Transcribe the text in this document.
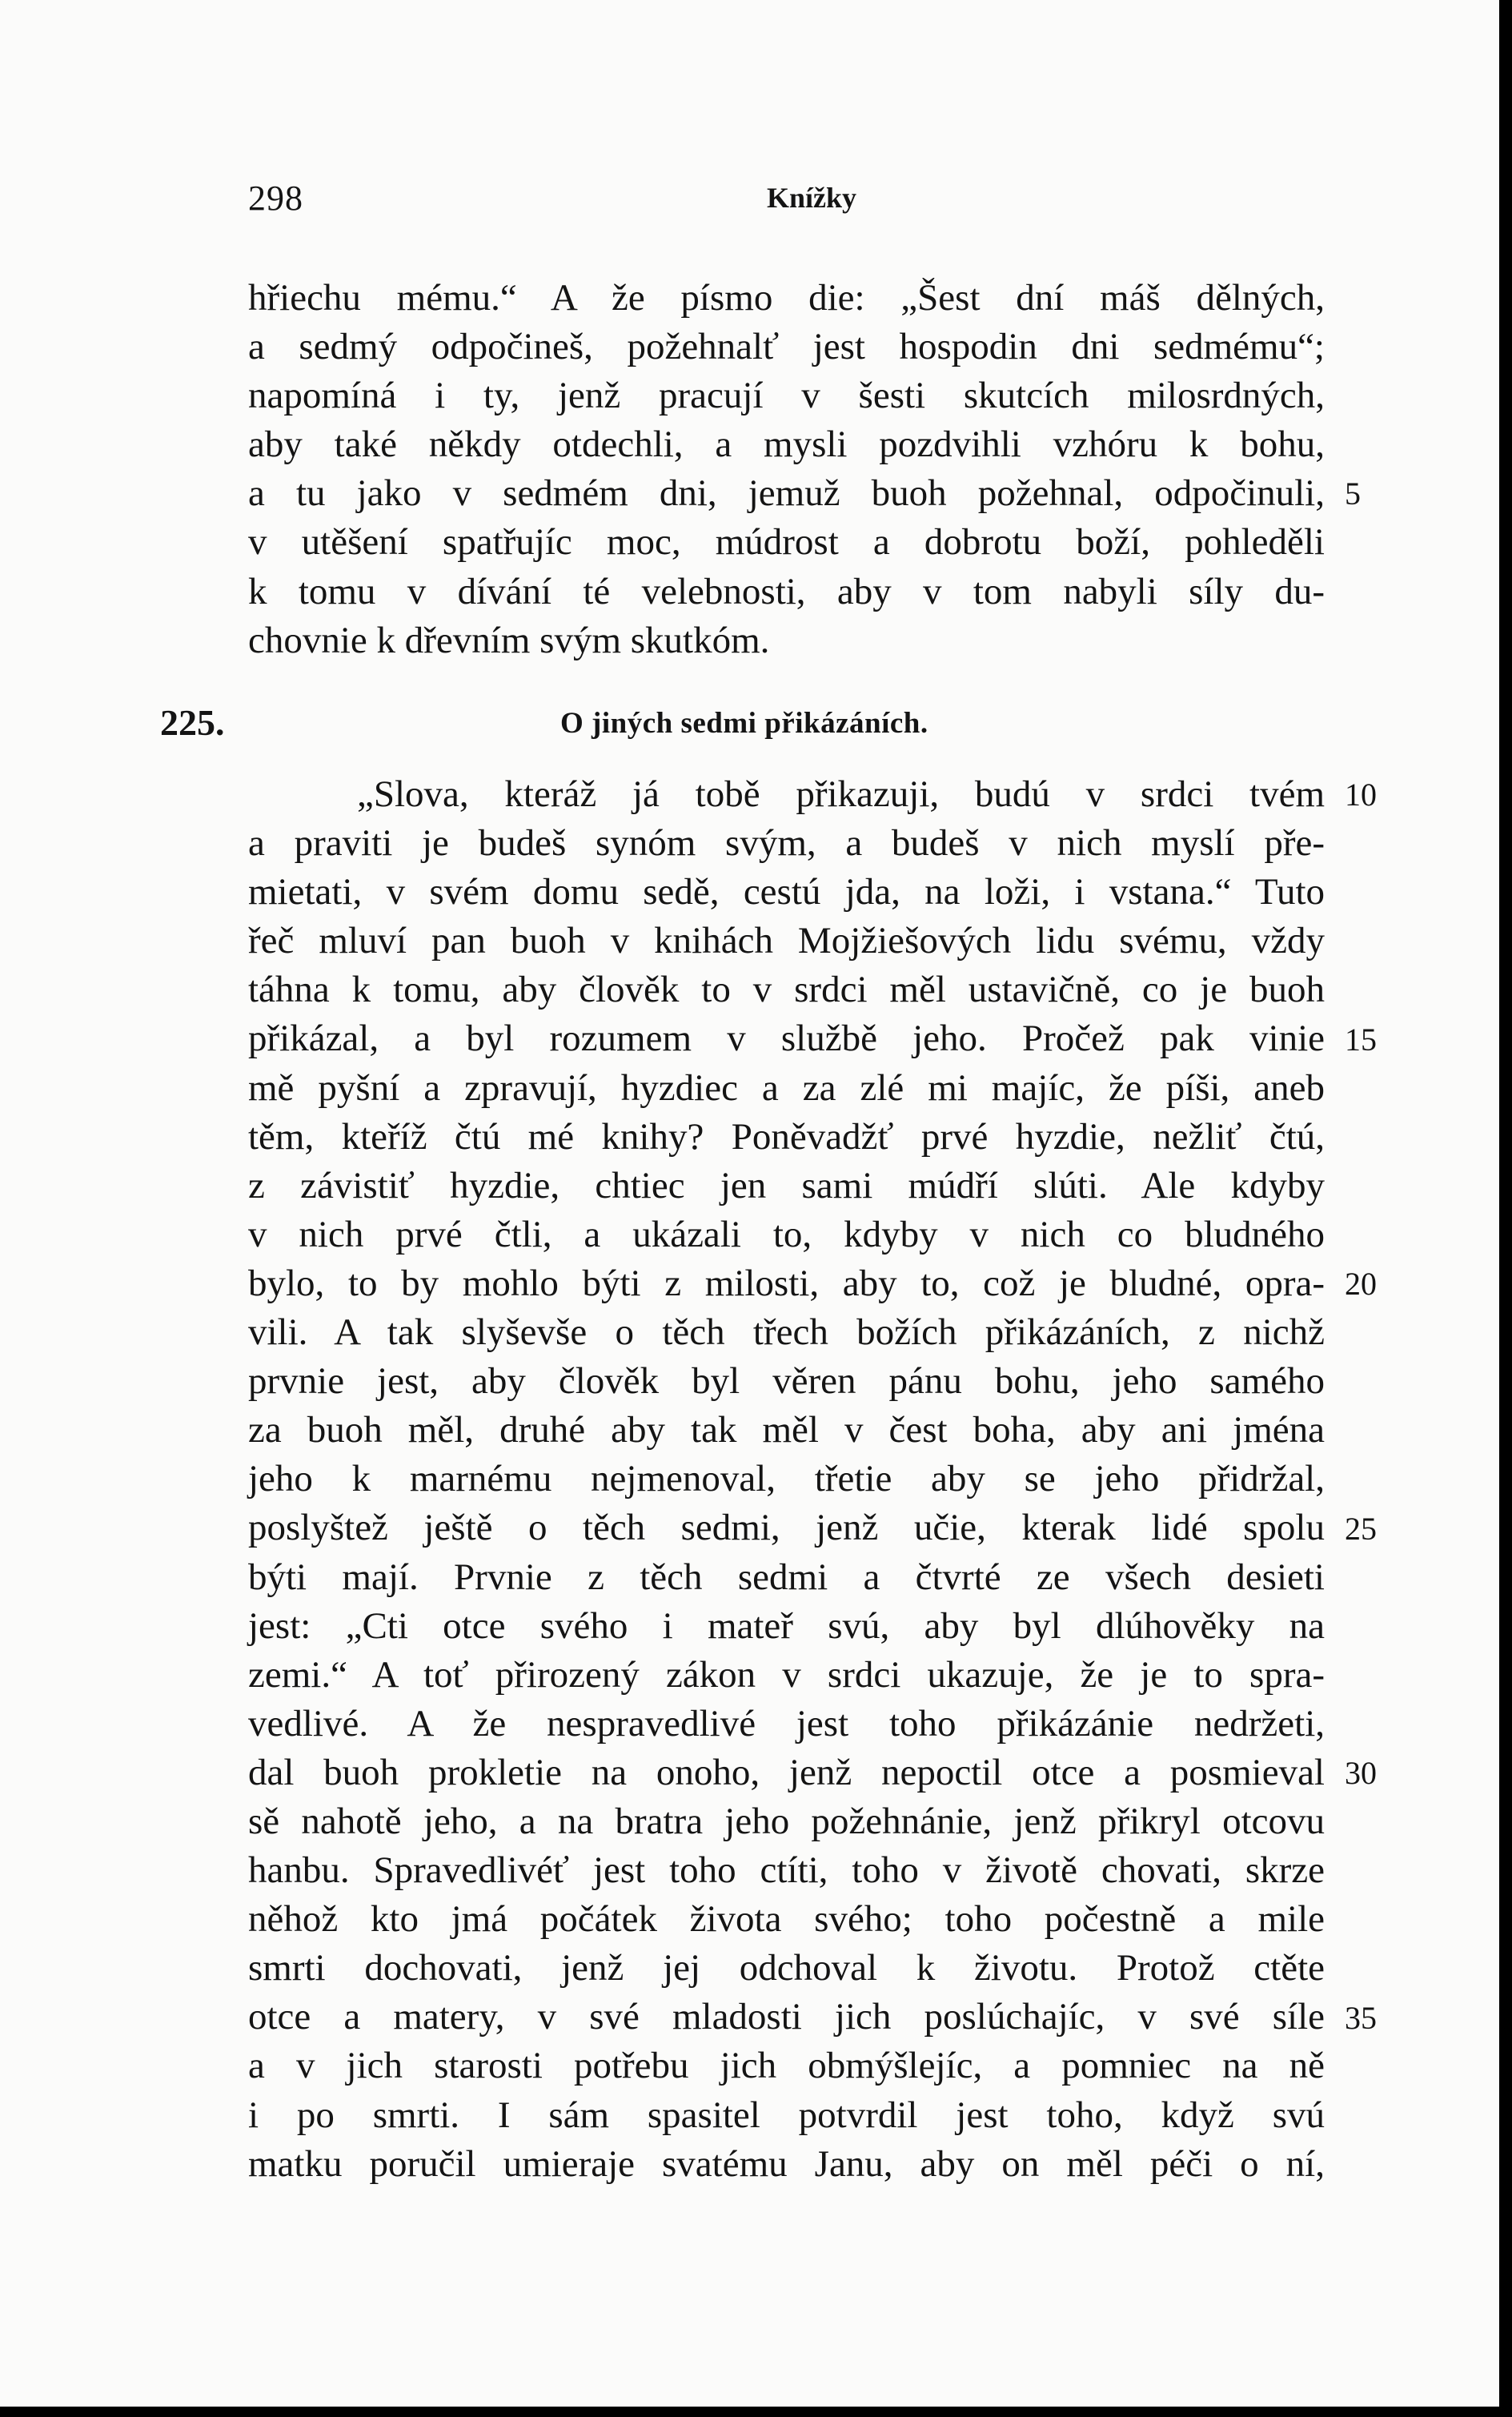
298	Knížky
hřiechu mému.“ A že písmo die: „Šest dní máš dělných,
a sedmý odpočineš, požehnalť jest hospodin dni sedmému“;
napomíná i ty, jenž pracují v šesti skutcích milosrdných,
aby také někdy otdechli, a mysli pozdvihli vzhóru k bohu,
a tu jako v sedmém dni, jemuž buoh požehnal, odpočinuli,
v utěšení spatřujíc moc, múdrost a dobrotu boží, pohleděli
k tomu v dívání té velebnosti, aby v tom nabyli síly du-
chovnie k dřevním svým skutkóm.
5
225.	O jiných sedmi přikázáních.
„Slova, kteráž já tobě přikazuji, budú v srdci tvém
a praviti je budeš synóm svým, a budeš v nich myslí pře-
mietati, v svém domu sedě, cestú jda, na loži, i vstana.“ Tuto
řeč mluví pan buoh v knihách Mojžiešových lidu svému, vždy
táhna k tomu, aby člověk to v srdci měl ustavičně, co je buoh
přikázal, a byl rozumem v službě jeho. Pročež pak vinie
mě pyšní a zpravují, hyzdiec a za zlé mi majíc, že píši, aneb
těm, kteříž čtú mé knihy? Poněvadžť prvé hyzdie, nežliť čtú,
z závistiť hyzdie, chtiec jen sami múdří slúti. Ale kdyby
v nich prvé čtli, a ukázali to, kdyby v nich co bludného
bylo, to by mohlo býti z milosti, aby to, což je bludné, opra-
vili. A tak slyševše o těch třech božích přikázáních, z nichž
prvnie jest, aby člověk byl věren pánu bohu, jeho samého
za buoh měl, druhé aby tak měl v čest boha, aby ani jména
jeho k marnému nejmenoval, třetie aby se jeho přidržal,
poslyštež ještě o těch sedmi, jenž učie, kterak lidé spolu
býti mají. Prvnie z těch sedmi a čtvrté ze všech desieti
jest: „Cti otce svého i mateř svú, aby byl dlúhověky na
zemi.“ A toť přirozený zákon v srdci ukazuje, že je to spra-
vedlivé. A že nespravedlivé jest toho přikázánie nedržeti,
dal buoh prokletie na onoho, jenž nepoctil otce a posmieval
sě nahotě jeho, a na bratra jeho požehnánie, jenž přikryl otcovu
hanbu. Spravedlivéť jest toho ctíti, toho v životě chovati, skrze
něhož kto jmá počátek života svého; toho počestně a mile
smrti dochovati, jenž jej odchoval k životu. Protož ctěte
otce a matery, v své mladosti jich poslúchajíc, v své síle
a v jich starosti potřebu jich obmýšlejíc, a pomniec na ně
i po smrti. I sám spasitel potvrdil jest toho, když svú
matku poručil umieraje svatému Janu, aby on měl péči o ní,
10
15
20
25
30
35
